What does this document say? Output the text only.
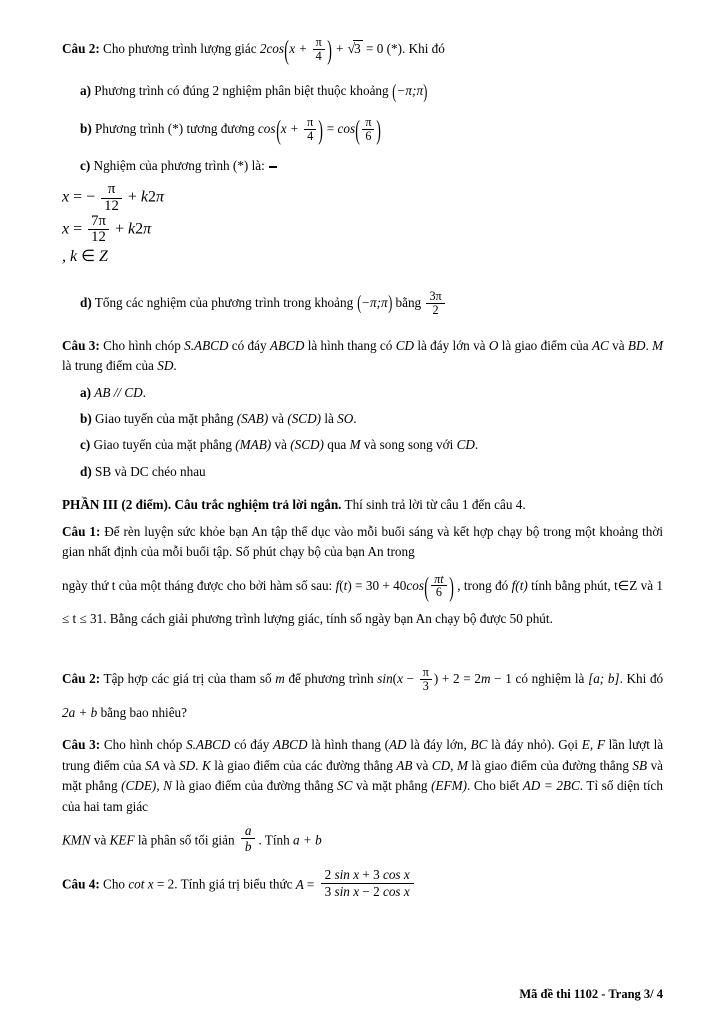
Câu 2: Cho phương trình lượng giác $2\cos(x + \frac{\pi}{4}$ ) + √3 = 0 (*). Khi đó

a) Phương trình có đúng 2 nghiệm phân biệt thuộc khoảng (−π;π)

b) Phương trình (*) tương đương $\cos(x + \frac{\pi}{4}$ ) = $\cos( \frac{\pi}{6}$ )

c) Nghiệm của phương trình (*) là:

x = − $\frac{\pi}{12} + k2\pi$
$x = \frac{7\pi}{12} + k2\pi$
, k ∈ Z

d) Tổng các nghiệm của phương trình trong khoảng (−π;π) bằng $\frac{3\pi}{2}$

Câu 3: Cho hình chóp S.ABCD có đáy ABCD là hình thang có CD là đáy lớn và O là giao điểm của AC và BD. M là trung điểm của SD.

a) AB // CD.

b) Giao tuyến của mặt phẳng (SAB) và (SCD) là SO.

c) Giao tuyến của mặt phẳng (MAB) và (SCD) qua M và song song với CD.

d) SB và DC chéo nhau

PHẦN III (2 điểm). Câu trắc nghiệm trả lời ngắn. Thí sinh trả lời từ câu 1 đến câu 4.

Câu 1: Để rèn luyện sức khỏe bạn An tập thể dục vào mỗi buổi sáng và kết hợp chạy bộ trong một khoảng thời gian nhất định của mỗi buổi tập. Số phút chạy bộ của bạn An trong

ngày thứ t của một tháng được cho bởi hàm số sau: $f(t) = 30 + 40\cos( \frac{\pi t}{6}$ ) , trong đó f(t) tính bằng phút, t∈Z và 1 ≤ t ≤ 31. Bằng cách giải phương trình lượng giác, tính số ngày bạn An chạy bộ được 50 phút.

Câu 2: Tập hợp các giá trị của tham số m để phương trình $\sin(x - \frac{\pi}{3}$ ) + 2 = 2m − 1 có nghiệm là [a; b]. Khi đó 2a + b bằng bao nhiêu?

Câu 3: Cho hình chóp S.ABCD có đáy ABCD là hình thang (AD là đáy lớn, BC là đáy nhỏ). Gọi E, F lần lượt là trung điểm của SA và SD. K là giao điểm của các đường thẳng AB và CD, M là giao điểm của đường thẳng SB và mặt phẳng (CDE), N là giao điểm của đường thẳng SC và mặt phẳng (EFM). Cho biết AD = 2BC. Tỉ số diện tích của hai tam giác

KMN và KEF là phân số tối giản $\frac{a}{b}$ . Tính a + b

Câu 4: Cho cot x = 2. Tính giá trị biểu thức $A = \frac{\text{2 sin x + 3 cos x}}{\text{3 sin x − 2 cos x}}$

Mã đề thi 1102 - Trang 3/ 4
